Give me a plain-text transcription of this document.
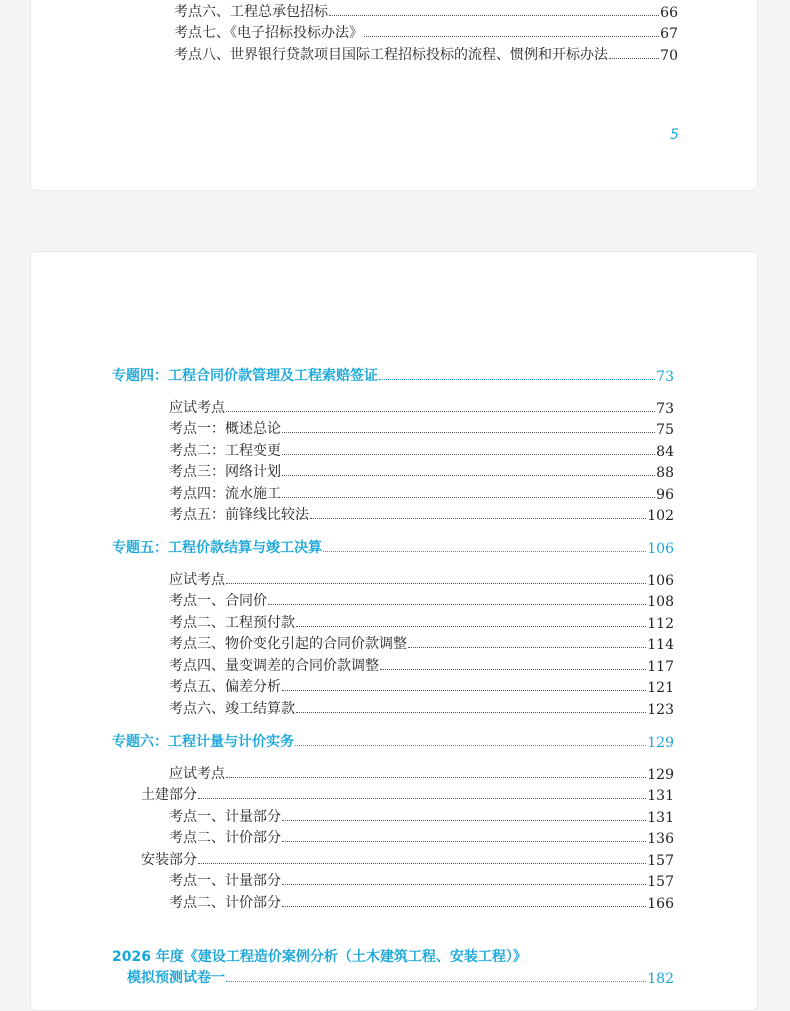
考点六、工程总承包招标	66
考点七、《电子招标投标办法》	67
考点八、世界银行贷款项目国际工程招标投标的流程、惯例和开标办法	70
5
专题四：工程合同价款管理及工程索赔签证	73
应试考点	73
考点一：概述总论	75
考点二：工程变更	84
考点三：网络计划	88
考点四：流水施工	96
考点五：前锋线比较法	102
专题五：工程价款结算与竣工决算	106
应试考点	106
考点一、合同价	108
考点二、工程预付款	112
考点三、物价变化引起的合同价款调整	114
考点四、量变调差的合同价款调整	117
考点五、偏差分析	121
考点六、竣工结算款	123
专题六：工程计量与计价实务	129
应试考点	129
土建部分	131
考点一、计量部分	131
考点二、计价部分	136
安装部分	157
考点一、计量部分	157
考点二、计价部分	166
2026 年度《建设工程造价案例分析（土木建筑工程、安装工程）》
模拟预测试卷一	182
